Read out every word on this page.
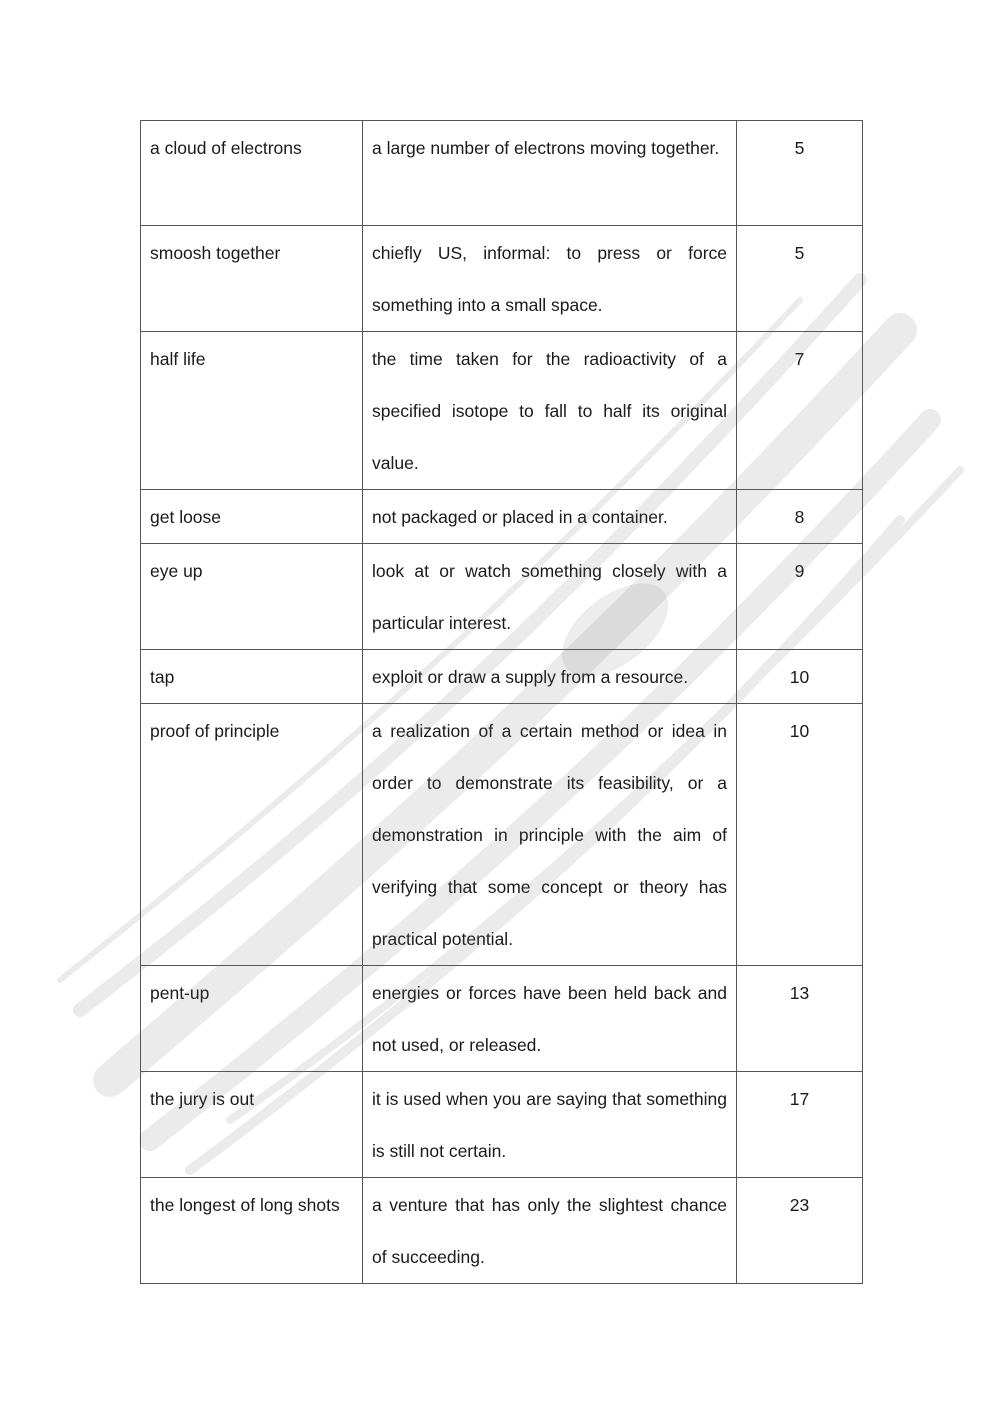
a cloud of electrons	a large number of electrons moving together.	5
smoosh together	chiefly US, informal: to press or force something into a small space.	5
half life	the time taken for the radioactivity of a specified isotope to fall to half its original value.	7
get loose	not packaged or placed in a container.	8
eye up	look at or watch something closely with a particular interest.	9
tap	exploit or draw a supply from a resource.	10
proof of principle	a realization of a certain method or idea in order to demonstrate its feasibility, or a demonstration in principle with the aim of verifying that some concept or theory has practical potential.	10
pent-up	energies or forces have been held back and not used, or released.	13
the jury is out	it is used when you are saying that something is still not certain.	17
the longest of long shots	a venture that has only the slightest chance of succeeding.	23
